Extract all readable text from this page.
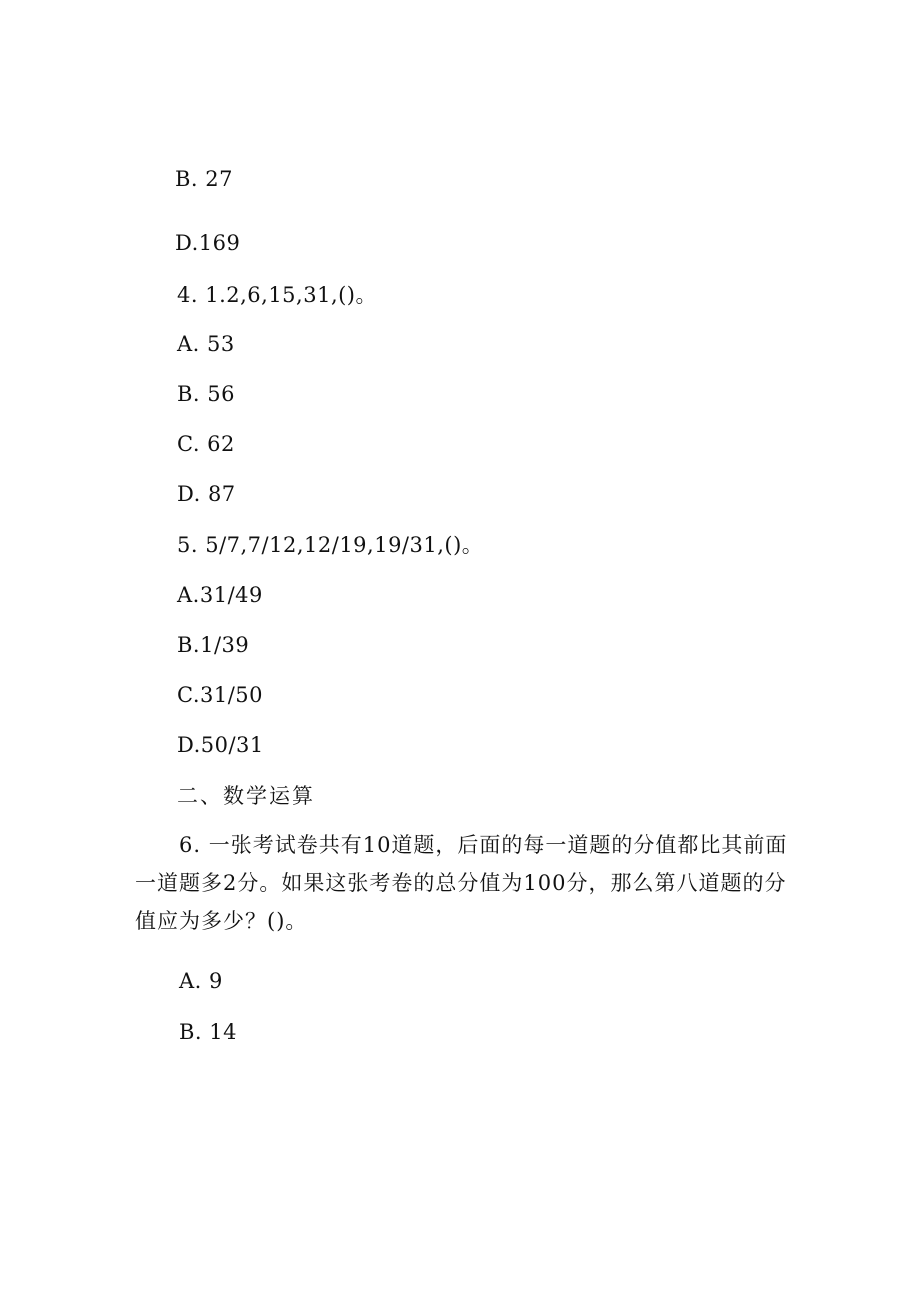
B. 27
D.169
4. 1.2,6,15,31,()。
A. 53
B. 56
C. 62
D. 87
5. 5/7,7/12,12/19,19/31,()。
A.31/49
B.1/39
C.31/50
D.50/31
二、数学运算
6. 一张考试卷共有10道题，后面的每一道题的分值都比其前面一道题多2分。如果这张考卷的总分值为100分，那么第八道题的分值应为多少？()。
A. 9
B. 14
